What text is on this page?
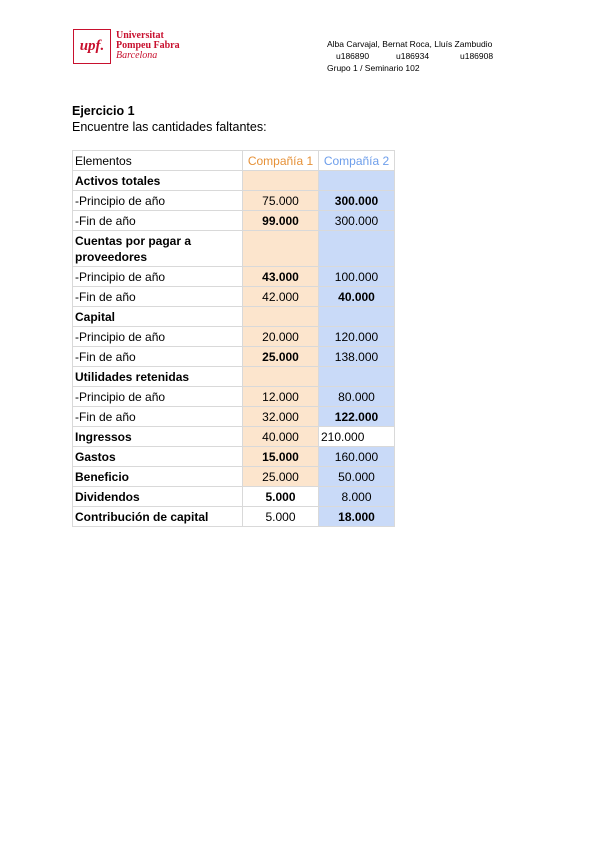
upf.
Universitat
Pompeu Fabra
Barcelona
Alba Carvajal, Bernat Roca, Lluís Zambudio
u186890	u186934	u186908
Grupo 1 / Seminario 102
Ejercicio 1
Encuentre las cantidades faltantes:
Elementos	Compañía 1	Compañía 2
Activos totales		
-Principio de año	75.000	300.000
-Fin de año	99.000	300.000
Cuentas por pagar a proveedores		
-Principio de año	43.000	100.000
-Fin de año	42.000	40.000
Capital		
-Principio de año	20.000	120.000
-Fin de año	25.000	138.000
Utilidades retenidas		
-Principio de año	12.000	80.000
-Fin de año	32.000	122.000
Ingressos	40.000	210.000
Gastos	15.000	160.000
Beneficio	25.000	50.000
Dividendos	5.000	8.000
Contribución de capital	5.000	18.000
